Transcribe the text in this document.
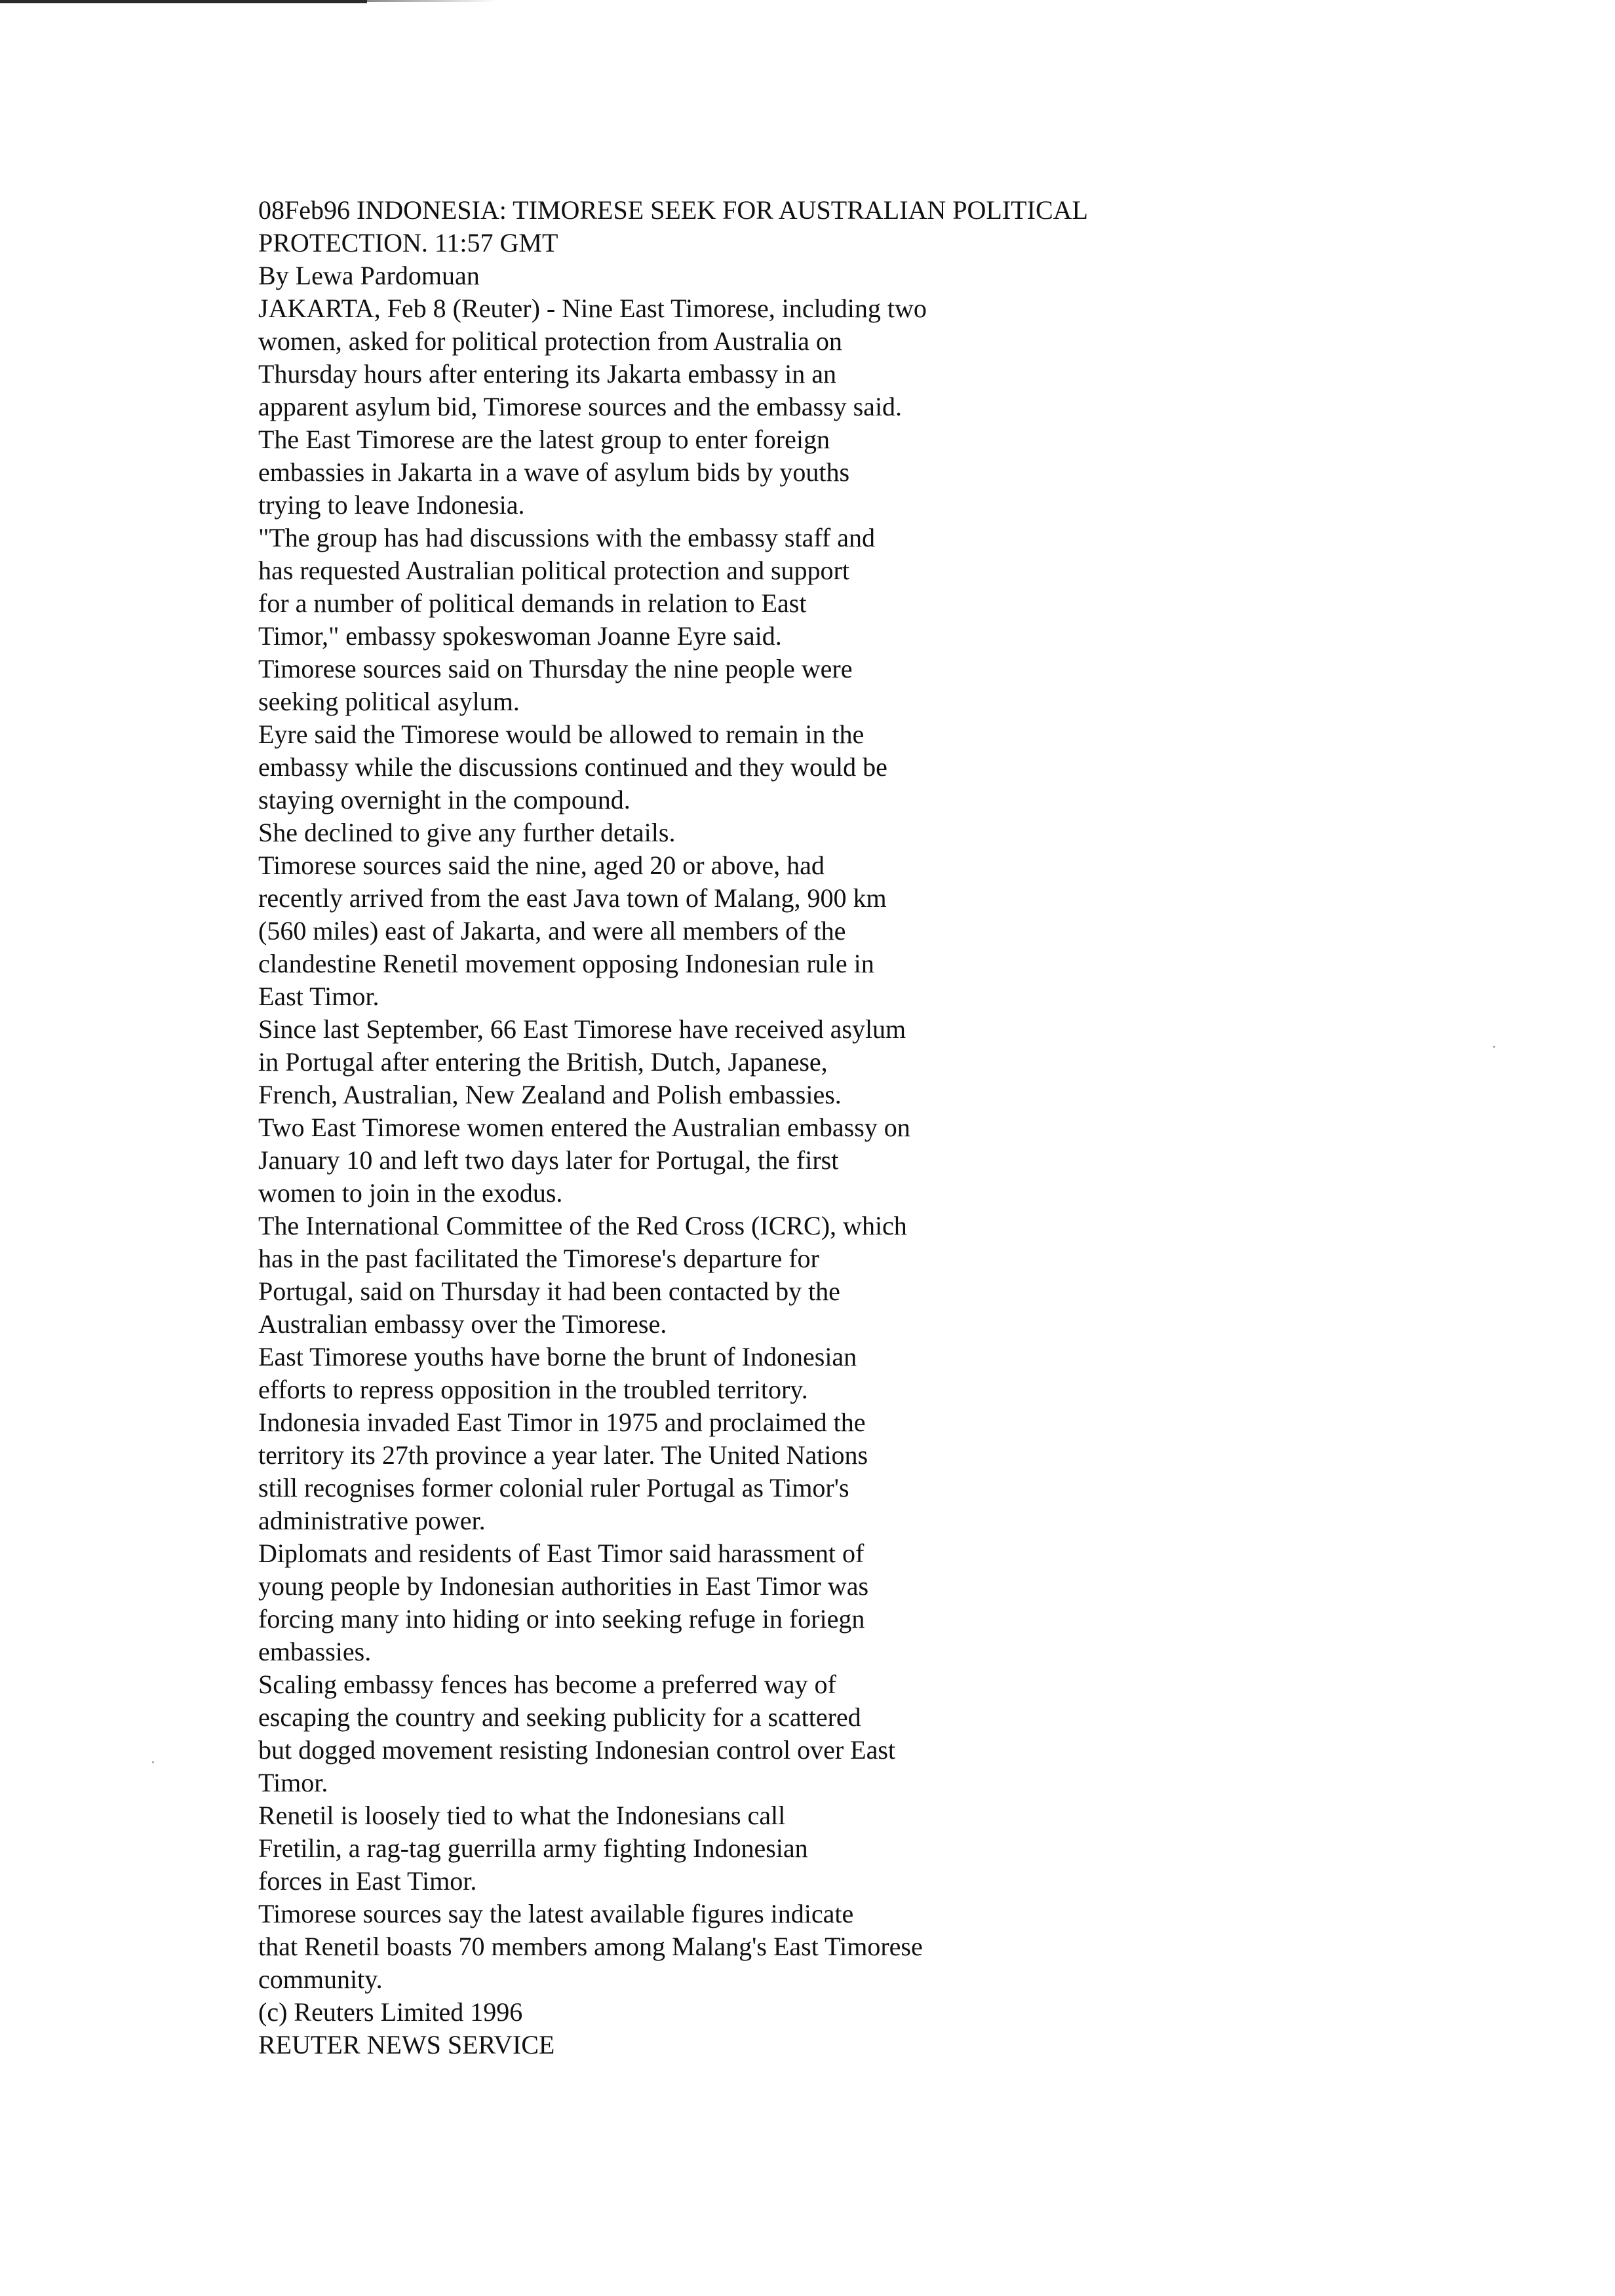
08Feb96 INDONESIA: TIMORESE SEEK FOR AUSTRALIAN POLITICAL
PROTECTION. 11:57 GMT
By Lewa Pardomuan
JAKARTA, Feb 8 (Reuter) - Nine East Timorese, including two
women, asked for political protection from Australia on
Thursday hours after entering its Jakarta embassy in an
apparent asylum bid, Timorese sources and the embassy said.
The East Timorese are the latest group to enter foreign
embassies in Jakarta in a wave of asylum bids by youths
trying to leave Indonesia.
"The group has had discussions with the embassy staff and
has requested Australian political protection and support
for a number of political demands in relation to East
Timor," embassy spokeswoman Joanne Eyre said.
Timorese sources said on Thursday the nine people were
seeking political asylum.
Eyre said the Timorese would be allowed to remain in the
embassy while the discussions continued and they would be
staying overnight in the compound.
She declined to give any further details.
Timorese sources said the nine, aged 20 or above, had
recently arrived from the east Java town of Malang, 900 km
(560 miles) east of Jakarta, and were all members of the
clandestine Renetil movement opposing Indonesian rule in
East Timor.
Since last September, 66 East Timorese have received asylum
in Portugal after entering the British, Dutch, Japanese,
French, Australian, New Zealand and Polish embassies.
Two East Timorese women entered the Australian embassy on
January 10 and left two days later for Portugal, the first
women to join in the exodus.
The International Committee of the Red Cross (ICRC), which
has in the past facilitated the Timorese's departure for
Portugal, said on Thursday it had been contacted by the
Australian embassy over the Timorese.
East Timorese youths have borne the brunt of Indonesian
efforts to repress opposition in the troubled territory.
Indonesia invaded East Timor in 1975 and proclaimed the
territory its 27th province a year later. The United Nations
still recognises former colonial ruler Portugal as Timor's
administrative power.
Diplomats and residents of East Timor said harassment of
young people by Indonesian authorities in East Timor was
forcing many into hiding or into seeking refuge in foriegn
embassies.
Scaling embassy fences has become a preferred way of
escaping the country and seeking publicity for a scattered
but dogged movement resisting Indonesian control over East
Timor.
Renetil is loosely tied to what the Indonesians call
Fretilin, a rag-tag guerrilla army fighting Indonesian
forces in East Timor.
Timorese sources say the latest available figures indicate
that Renetil boasts 70 members among Malang's East Timorese
community.
(c) Reuters Limited 1996
REUTER NEWS SERVICE
